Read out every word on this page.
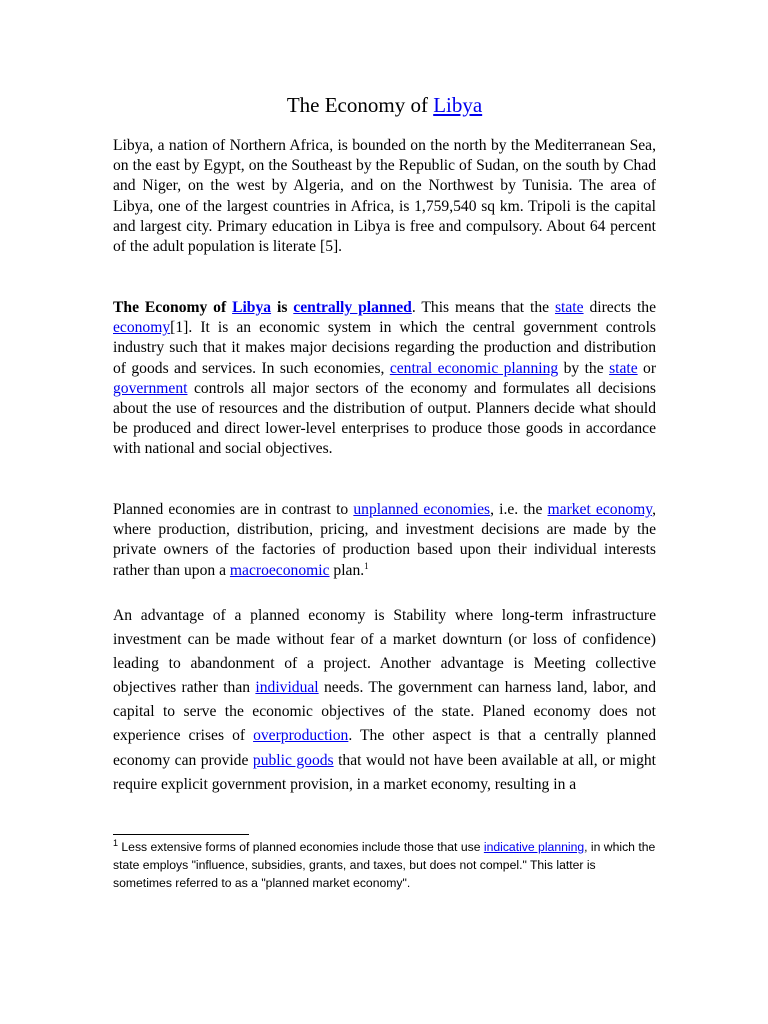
The Economy of Libya

Libya, a nation of Northern Africa, is bounded on the north by the Mediterranean Sea, on the east by Egypt, on the Southeast by the Republic of Sudan, on the south by Chad and Niger, on the west by Algeria, and on the Northwest by Tunisia. The area of Libya, one of the largest countries in Africa, is 1,759,540 sq km. Tripoli is the capital and largest city. Primary education in Libya is free and compulsory. About 64 percent of the adult population is literate [5].

The Economy of Libya is centrally planned. This means that the state directs the economy[1]. It is an economic system in which the central government controls industry such that it makes major decisions regarding the production and distribution of goods and services. In such economies, central economic planning by the state or government controls all major sectors of the economy and formulates all decisions about the use of resources and the distribution of output. Planners decide what should be produced and direct lower-level enterprises to produce those goods in accordance with national and social objectives.

Planned economies are in contrast to unplanned economies, i.e. the market economy, where production, distribution, pricing, and investment decisions are made by the private owners of the factories of production based upon their individual interests rather than upon a macroeconomic plan.$^1$

An advantage of a planned economy is Stability where long-term infrastructure investment can be made without fear of a market downturn (or loss of confidence) leading to abandonment of a project. Another advantage is Meeting collective objectives rather than individual needs. The government can harness land, labor, and capital to serve the economic objectives of the state. Planed economy does not experience crises of overproduction. The other aspect is that a centrally planned economy can provide public goods that would not have been available at all, or might require explicit government provision, in a market economy, resulting in a

$^1$ Less extensive forms of planned economies include those that use indicative planning, in which the state employs "influence, subsidies, grants, and taxes, but does not compel." This latter is sometimes referred to as a "planned market economy".
